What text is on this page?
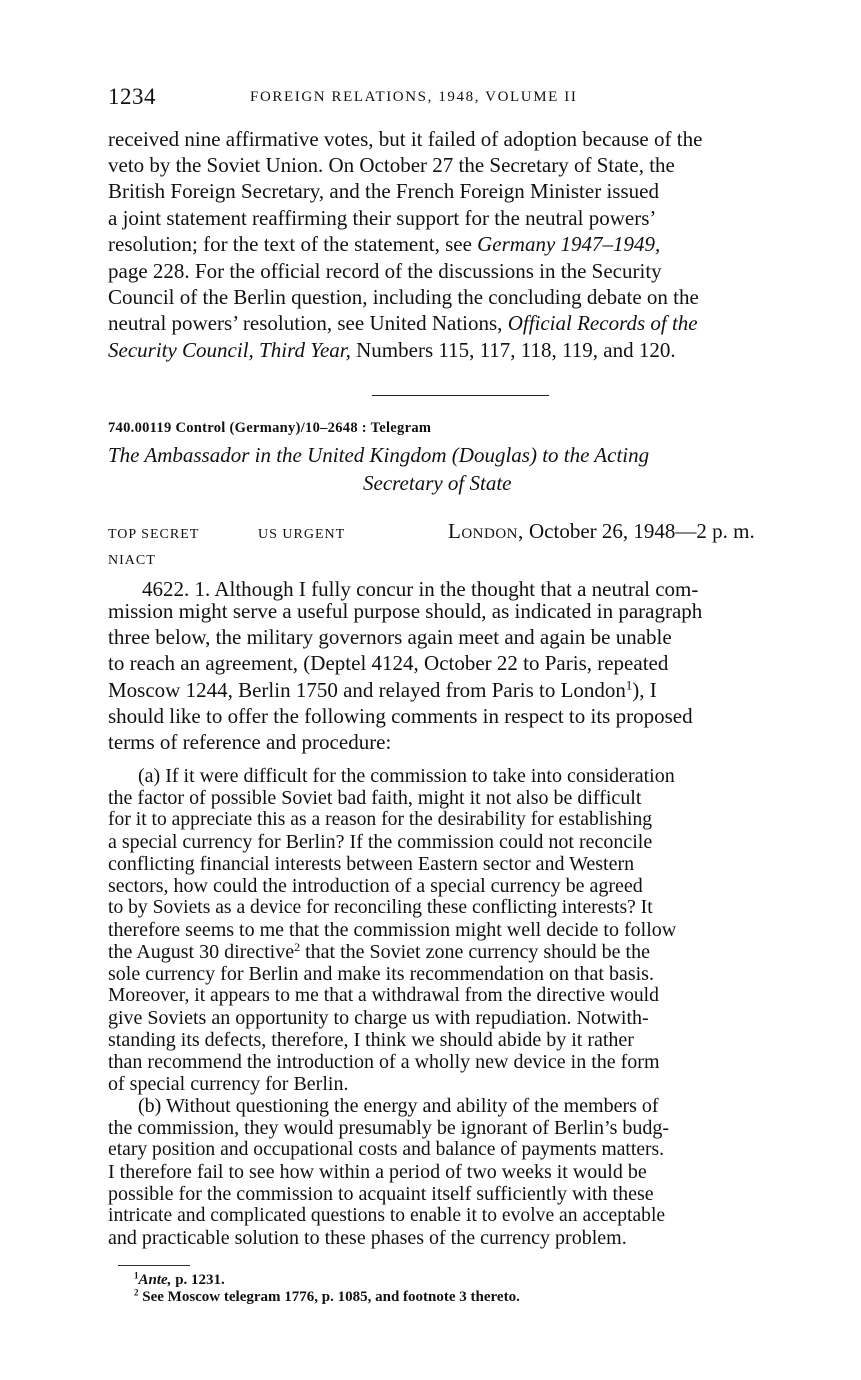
1234	FOREIGN RELATIONS, 1948, VOLUME II
received nine affirmative votes, but it failed of adoption because of the
veto by the Soviet Union. On October 27 the Secretary of State, the
British Foreign Secretary, and the French Foreign Minister issued
a joint statement reaffirming their support for the neutral powers’
resolution; for the text of the statement, see Germany 1947–1949,
page 228. For the official record of the discussions in the Security
Council of the Berlin question, including the concluding debate on the
neutral powers’ resolution, see United Nations, Official Records of the
Security Council, Third Year, Numbers 115, 117, 118, 119, and 120.
740.00119 Control (Germany)/10–2648 : Telegram
The Ambassador in the United Kingdom (Douglas) to the Acting
Secretary of State
TOP SECRET	US URGENT	London, October 26, 1948—2 p. m.
NIACT
4622. 1. Although I fully concur in the thought that a neutral com-
mission might serve a useful purpose should, as indicated in paragraph
three below, the military governors again meet and again be unable
to reach an agreement, (Deptel 4124, October 22 to Paris, repeated
Moscow 1244, Berlin 1750 and relayed from Paris to London$^1$), I
should like to offer the following comments in respect to its proposed
terms of reference and procedure:
(a) If it were difficult for the commission to take into consideration
the factor of possible Soviet bad faith, might it not also be difficult
for it to appreciate this as a reason for the desirability for establishing
a special currency for Berlin? If the commission could not reconcile
conflicting financial interests between Eastern sector and Western
sectors, how could the introduction of a special currency be agreed
to by Soviets as a device for reconciling these conflicting interests? It
therefore seems to me that the commission might well decide to follow
the August 30 directive$^2$ that the Soviet zone currency should be the
sole currency for Berlin and make its recommendation on that basis.
Moreover, it appears to me that a withdrawal from the directive would
give Soviets an opportunity to charge us with repudiation. Notwith-
standing its defects, therefore, I think we should abide by it rather
than recommend the introduction of a wholly new device in the form
of special currency for Berlin.
(b) Without questioning the energy and ability of the members of
the commission, they would presumably be ignorant of Berlin’s budg-
etary position and occupational costs and balance of payments matters.
I therefore fail to see how within a period of two weeks it would be
possible for the commission to acquaint itself sufficiently with these
intricate and complicated questions to enable it to evolve an acceptable
and practicable solution to these phases of the currency problem.
$^1$Ante, p. 1231.
$^2$ See Moscow telegram 1776, p. 1085, and footnote 3 thereto.
